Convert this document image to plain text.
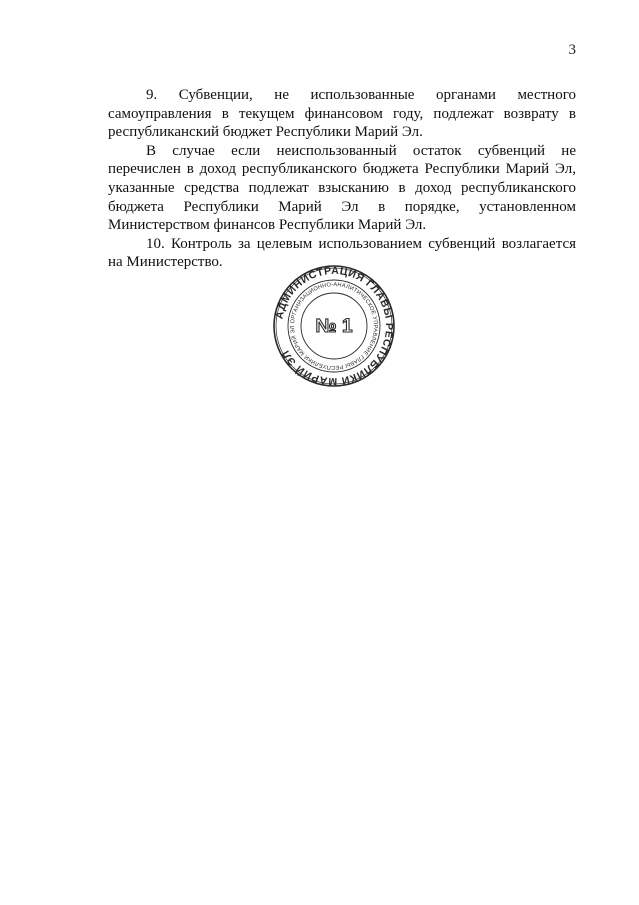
3

9. Субвенции, не использованные органами местного самоуправления в текущем финансовом году, подлежат возврату в республиканский бюджет Республики Марий Эл.

В случае если неиспользованный остаток субвенций не перечислен в доход республиканского бюджета Республики Марий Эл, указанные средства подлежат взысканию в доход республиканского бюджета Республики Марий Эл в порядке, установленном Министерством финансов Республики Марий Эл.

10. Контроль за целевым использованием субвенций возлагается на Министерство.

АДМИНИСТРАЦИЯ ГЛАВЫ РЕСПУБЛИКИ МАРИЙ ЭЛ
ОРГАНИЗАЦИОННО-АНАЛИТИЧЕСКОЕ УПРАВЛЕНИЕ ГЛАВЫ РЕСПУБЛИКИ МАРИЙ ЭЛ	№ 1
